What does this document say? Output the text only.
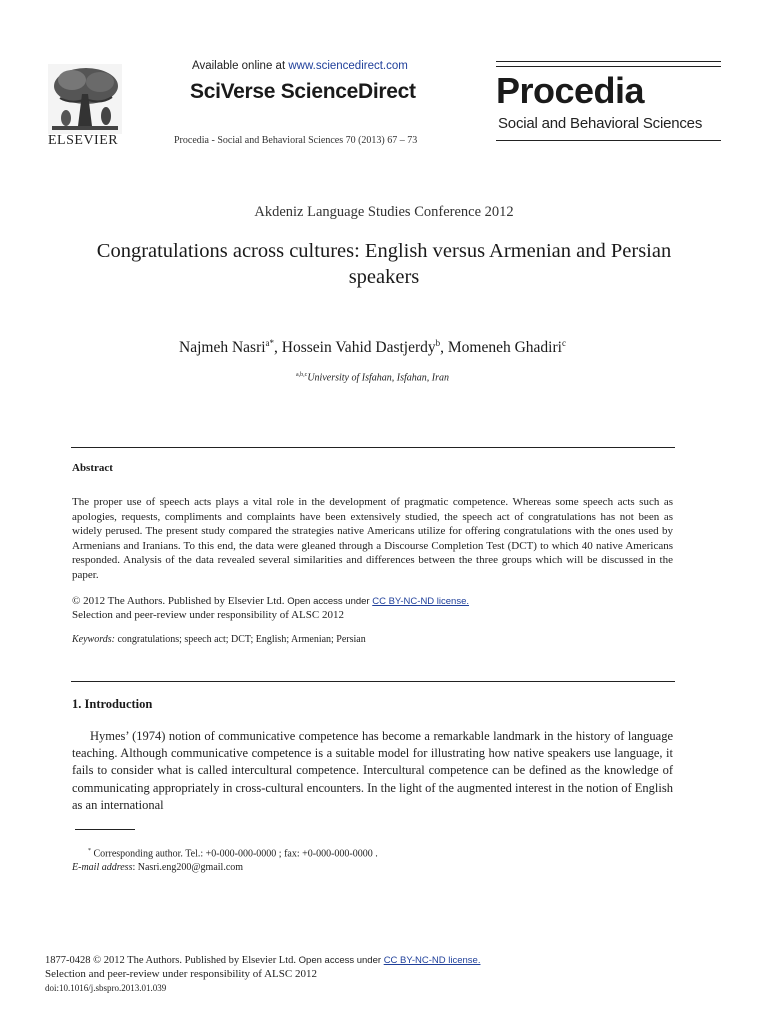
ELSEVIER
Available online at www.sciencedirect.com
SciVerse ScienceDirect
Procedia - Social and Behavioral Sciences 70 (2013) 67 – 73
Procedia
Social and Behavioral Sciences
Akdeniz Language Studies Conference 2012
Congratulations across cultures: English versus Armenian and Persian speakers
Najmeh Nasri$^{a*}$, Hossein Vahid Dastjerdy$^b$, Momeneh Ghadiri$^c$
$^{a,b,c}$University of Isfahan, Isfahan, Iran
Abstract
The proper use of speech acts plays a vital role in the development of pragmatic competence. Whereas some speech acts such as apologies, requests, compliments and complaints have been extensively studied, the speech act of congratulations has not been as widely perused. The present study compared the strategies native Americans utilize for offering congratulations with the ones used by Armenians and Iranians. To this end, the data were gleaned through a Discourse Completion Test (DCT) to which 40 native Americans responded. Analysis of the data revealed several similarities and differences between the three groups which will be discussed in the paper.
© 2012 The Authors. Published by Elsevier Ltd. Open access under CC BY-NC-ND license.
Selection and peer-review under responsibility of ALSC 2012
Keywords: congratulations; speech act; DCT; English; Armenian; Persian
1. Introduction
Hymes’ (1974) notion of communicative competence has become a remarkable landmark in the history of language teaching. Although communicative competence is a suitable model for illustrating how native speakers use language, it fails to consider what is called intercultural competence. Intercultural competence can be defined as the knowledge of communicating appropriately in cross-cultural encounters. In the light of the augmented interest in the notion of English as an international
* Corresponding author. Tel.: +0-000-000-0000 ; fax: +0-000-000-0000 .
E-mail address: Nasri.eng200@gmail.com
1877-0428 © 2012 The Authors. Published by Elsevier Ltd. Open access under CC BY-NC-ND license.
Selection and peer-review under responsibility of ALSC 2012
doi:10.1016/j.sbspro.2013.01.039
